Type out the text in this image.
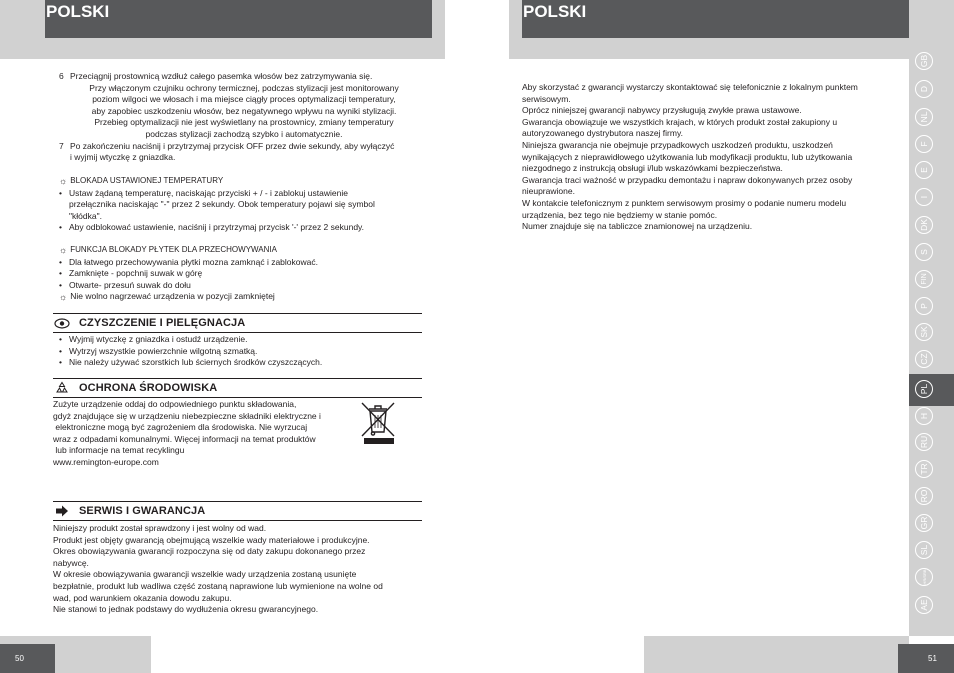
POLSKI
6 Przeciągnij prostownicą wzdłuż całego pasemka włosów bez zatrzymywania się.
Przy włączonym czujniku ochrony termicznej, podczas stylizacji jest monitorowany
poziom wilgoci we włosach i ma miejsce ciągły proces optymalizacji temperatury,
aby zapobiec uszkodzeniu włosów, bez negatywnego wpływu na wyniki stylizacji.
Przebieg optymalizacji nie jest wyświetlany na prostownicy, zmiany temperatury
podczas stylizacji zachodzą szybko i automatycznie.
7 Po zakończeniu naciśnij i przytrzymaj przycisk OFF przez dwie sekundy, aby wyłączyć
i wyjmij wtyczkę z gniazdka.
☼ BLOKADA USTAWIONEJ TEMPERATURY
• Ustaw żądaną temperaturę, naciskając przyciski + / - i zablokuj ustawienie
przełącznika naciskając "-" przez 2 sekundy. Obok temperatury pojawi się symbol
"kłódka".
• Aby odblokować ustawienie, naciśnij i przytrzymaj przycisk '-' przez 2 sekundy.
☼ FUNKCJA BLOKADY PŁYTEK DLA PRZECHOWYWANIA
• Dla łatwego przechowywania płytki mozna zamknąć i zablokować.
• Zamknięte - popchnij suwak w górę
• Otwarte- przesuń suwak do dołu
☼ Nie wolno nagrzewać urządzenia w pozycji zamkniętej
CZYSZCZENIE I PIELĘGNACJA
• Wyjmij wtyczkę z gniazdka i ostudź urządzenie.
• Wytrzyj wszystkie powierzchnie wilgotną szmatką.
• Nie należy używać szorstkich lub ściernych środków czyszczących.
OCHRONA ŚRODOWISKA
Zużyte urządzenie oddaj do odpowiedniego punktu składowania,
gdyż znajdujące się w urządzeniu niebezpieczne składniki elektryczne i
elektroniczne mogą być zagrożeniem dla środowiska. Nie wyrzucaj
wraz z odpadami komunalnymi. Więcej informacji na temat produktów
lub informacje na temat recyklingu
www.remington-europe.com
SERWIS I GWARANCJA
Niniejszy produkt został sprawdzony i jest wolny od wad.
Produkt jest objęty gwarancją obejmującą wszelkie wady materiałowe i produkcyjne.
Okres obowiązywania gwarancji rozpoczyna się od daty zakupu dokonanego przez
nabywcę.
W okresie obowiązywania gwarancji wszelkie wady urządzenia zostaną usunięte
bezpłatnie, produkt lub wadliwa część zostaną naprawione lub wymienione na wolne od
wad, pod warunkiem okazania dowodu zakupu.
Nie stanowi to jednak podstawy do wydłużenia okresu gwarancyjnego.
50
POLSKI
Aby skorzystać z gwarancji wystarczy skontaktować się telefonicznie z lokalnym punktem
serwisowym.
Oprócz niniejszej gwarancji nabywcy przysługują zwykłe prawa ustawowe.
Gwarancja obowiązuje we wszystkich krajach, w których produkt został zakupiony u
autoryzowanego dystrybutora naszej firmy.
Niniejsza gwarancja nie obejmuje przypadkowych uszkodzeń produktu, uszkodzeń
wynikających z nieprawidłowego użytkowania lub modyfikacji produktu, lub użytkowania
niezgodnego z instrukcją obsługi i/lub wskazówkami bezpieczeństwa.
Gwarancja traci ważność w przypadku demontażu i napraw dokonywanych przez osoby
nieuprawione.
W kontakcie telefonicznym z punktem serwisowym prosimy o podanie numeru modelu
urządzenia, bez tego nie będziemy w stanie pomóc.
Numer znajduje się na tabliczce znamionowej na urządzeniu.
GB
D
NL
F
E
I
DK
S
FIN
P
SK
CZ
PL
H
RU
TR
RO
GR
SL
HR/SRB
AE
51
